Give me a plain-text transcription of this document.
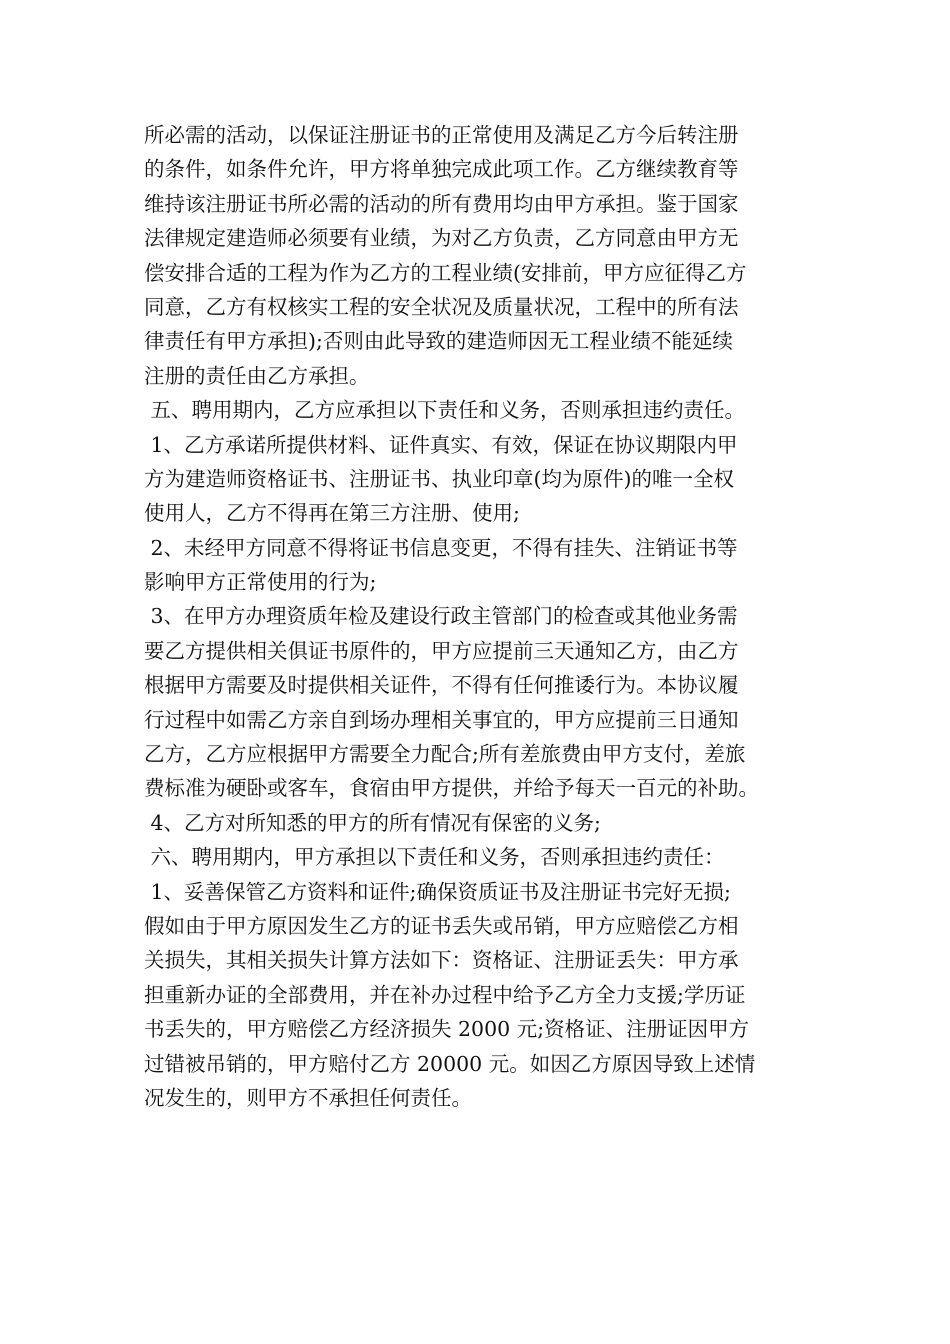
所必需的活动，以保证注册证书的正常使用及满足乙方今后转注册
的条件，如条件允许，甲方将单独完成此项工作。乙方继续教育等
维持该注册证书所必需的活动的所有费用均由甲方承担。鉴于国家
法律规定建造师必须要有业绩，为对乙方负责，乙方同意由甲方无
偿安排合适的工程为作为乙方的工程业绩(安排前，甲方应征得乙方
同意，乙方有权核实工程的安全状况及质量状况，工程中的所有法
律责任有甲方承担);否则由此导致的建造师因无工程业绩不能延续
注册的责任由乙方承担。
五、聘用期内，乙方应承担以下责任和义务，否则承担违约责任。
1、乙方承诺所提供材料、证件真实、有效，保证在协议期限内甲
方为建造师资格证书、注册证书、执业印章(均为原件)的唯一全权
使用人，乙方不得再在第三方注册、使用;
2、未经甲方同意不得将证书信息变更，不得有挂失、注销证书等
影响甲方正常使用的行为;
3、在甲方办理资质年检及建设行政主管部门的检查或其他业务需
要乙方提供相关俱证书原件的，甲方应提前三天通知乙方，由乙方
根据甲方需要及时提供相关证件，不得有任何推诿行为。本协议履
行过程中如需乙方亲自到场办理相关事宜的，甲方应提前三日通知
乙方，乙方应根据甲方需要全力配合;所有差旅费由甲方支付，差旅
费标准为硬卧或客车，食宿由甲方提供，并给予每天一百元的补助。
4、乙方对所知悉的甲方的所有情况有保密的义务;
六、聘用期内，甲方承担以下责任和义务，否则承担违约责任：
1、妥善保管乙方资料和证件;确保资质证书及注册证书完好无损;
假如由于甲方原因发生乙方的证书丢失或吊销，甲方应赔偿乙方相
关损失，其相关损失计算方法如下：资格证、注册证丢失：甲方承
担重新办证的全部费用，并在补办过程中给予乙方全力支援;学历证
书丢失的，甲方赔偿乙方经济损失 2000 元;资格证、注册证因甲方
过错被吊销的，甲方赔付乙方 20000 元。如因乙方原因导致上述情
况发生的，则甲方不承担任何责任。
